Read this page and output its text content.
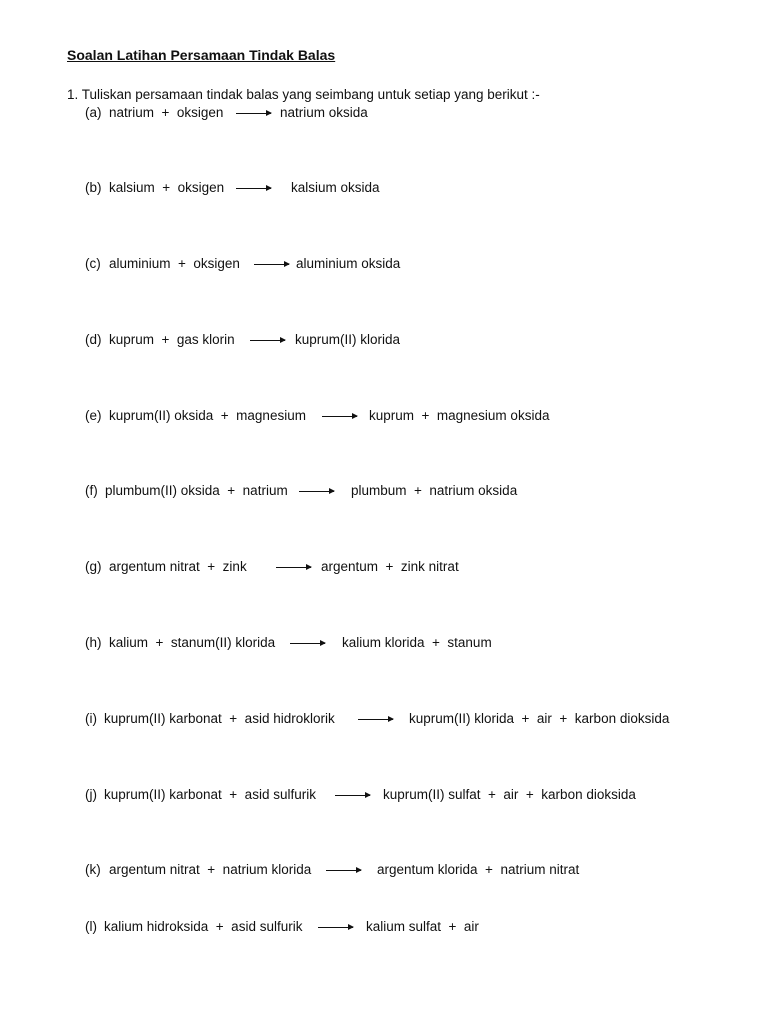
Soalan Latihan Persamaan Tindak Balas
1. Tuliskan persamaan tindak balas yang seimbang untuk setiap yang berikut :-

(a)

natrium  +  oksigen

→
natrium oksida

(b)

kalsium  +  oksigen

→
kalsium oksida

(c)

aluminium  +  oksigen

→
aluminium oksida

(d)

kuprum  +  gas klorin

→
kuprum(II) klorida

(e)

kuprum(II) oksida  +  magnesium

→
kuprum  +  magnesium oksida

(f)

plumbum(II) oksida  +  natrium

→
plumbum  +  natrium oksida

(g)

argentum nitrat  +  zink

→
argentum  +  zink nitrat

(h)

kalium  +  stanum(II) klorida

→
kalium klorida  +  stanum

(i)

kuprum(II) karbonat  +  asid hidroklorik

→
kuprum(II) klorida  +  air  +  karbon dioksida

(j)

kuprum(II) karbonat  +  asid sulfurik

→
kuprum(II) sulfat  +  air  +  karbon dioksida

(k)

argentum nitrat  +  natrium klorida

→
argentum klorida  +  natrium nitrat

(l)

kalium hidroksida  +  asid sulfurik

→
kalium sulfat  +  air
